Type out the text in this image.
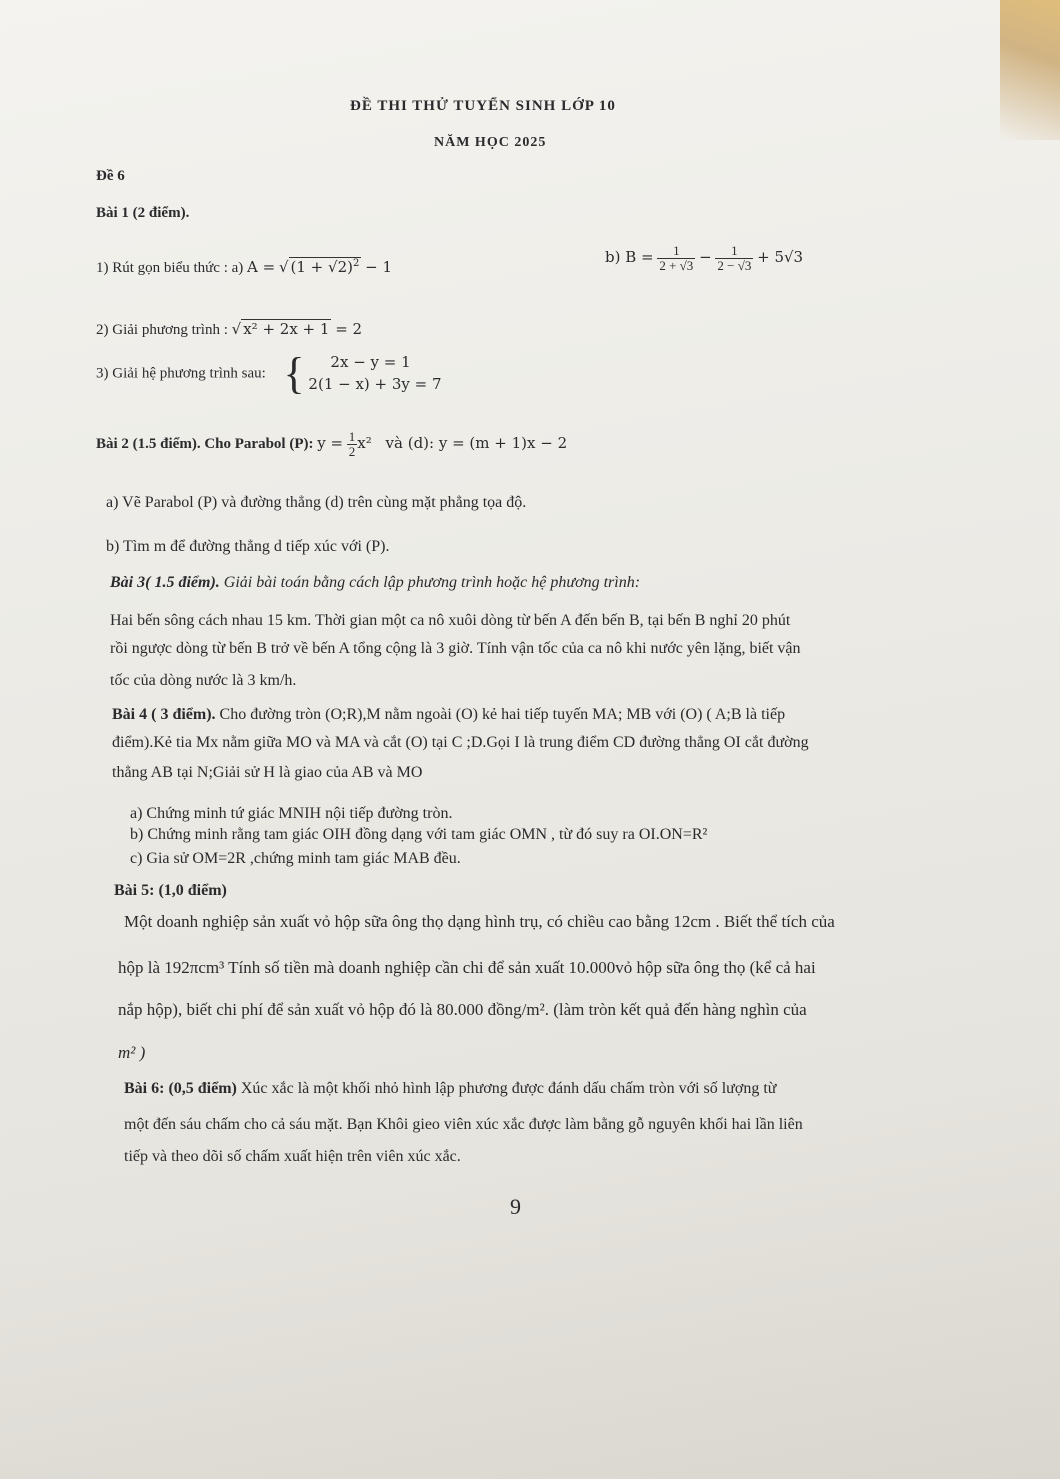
ĐỀ THI THỬ TUYỂN SINH LỚP 10
NĂM HỌC 2025
Đề 6
Bài 1 (2 điểm).
1) Rút gọn biểu thức : a) A = √ $(1 + √2)^2 - 1$
b) $B = \frac{1}{2 + √3} - \frac{1}{2 - √3} + 5√3$
2) Giải phương trình : √ x² + 2x + 1 = 2
3) Giải hệ phương trình sau: {	2x − y = 1
2(1 − x) + 3y = 7
Bài 2 (1.5 điểm). Cho Parabol (P): $y = \frac{1}{2} x^2$ và (d): y = (m + 1)x − 2
a) Vẽ Parabol (P) và đường thẳng (d) trên cùng mặt phẳng tọa độ.
b) Tìm m để đường thẳng d tiếp xúc với (P).
Bài 3( 1.5 điểm). Giải bài toán bằng cách lập phương trình hoặc hệ phương trình:
Hai bến sông cách nhau 15 km. Thời gian một ca nô xuôi dòng từ bến A đến bến B, tại bến B nghỉ 20 phút
rồi ngược dòng từ bến B trở về bến A tổng cộng là 3 giờ. Tính vận tốc của ca nô khi nước yên lặng, biết vận
tốc của dòng nước là 3 km/h.
Bài 4 ( 3 điểm). Cho đường tròn (O;R),M nằm ngoài (O) kẻ hai tiếp tuyến MA; MB với (O) ( A;B là tiếp
điểm).Kẻ tia Mx nằm giữa MO và MA và cắt (O) tại C ;D.Gọi I là trung điểm CD đường thẳng OI cắt đường
thẳng AB tại N;Giải sử H là giao của AB và MO
a) Chứng minh tứ giác MNIH nội tiếp đường tròn.
b) Chứng minh rằng tam giác OIH đồng dạng với tam giác OMN , từ đó suy ra OI.ON=R²
c) Gia sử OM=2R ,chứng minh tam giác MAB đều.
Bài 5: (1,0 điểm)
Một doanh nghiệp sản xuất vỏ hộp sữa ông thọ dạng hình trụ, có chiều cao bằng 12cm . Biết thể tích của
hộp là 192πcm³ Tính số tiền mà doanh nghiệp cần chi để sản xuất 10.000vỏ hộp sữa ông thọ (kể cả hai
nắp hộp), biết chi phí để sản xuất vỏ hộp đó là 80.000 đồng/m². (làm tròn kết quả đến hàng nghìn của
m² )
Bài 6: (0,5 điểm) Xúc xắc là một khối nhỏ hình lập phương được đánh dấu chấm tròn với số lượng từ
một đến sáu chấm cho cả sáu mặt. Bạn Khôi gieo viên xúc xắc được làm bằng gỗ nguyên khối hai lần liên
tiếp và theo dõi số chấm xuất hiện trên viên xúc xắc.
9
